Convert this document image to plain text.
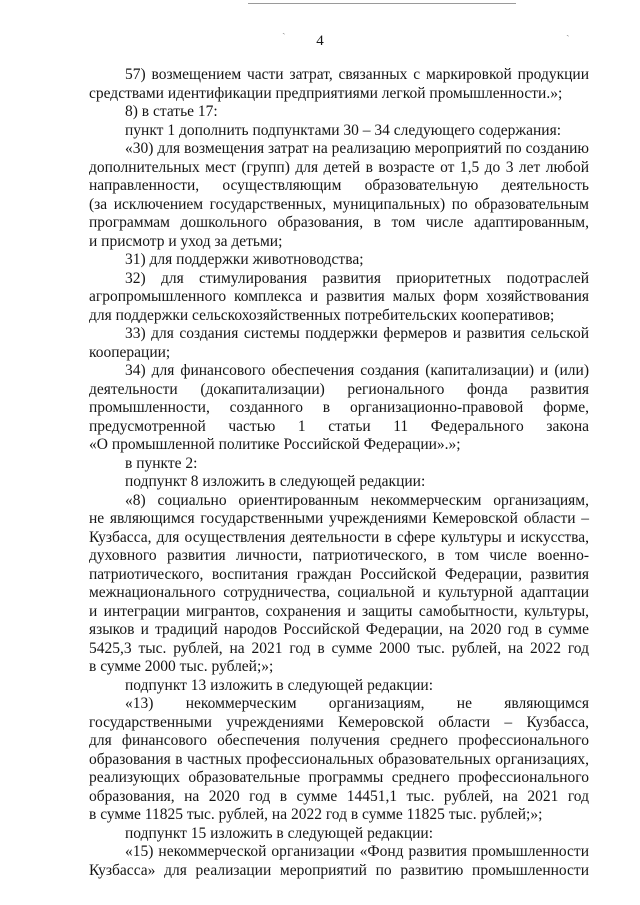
ˏ	ˏ
4

57) возмещением части затрат, связанных с маркировкой продукции
средствами идентификации предприятиями легкой промышленности.»;

8) в статье 17:

пункт 1 дополнить подпунктами 30 – 34 следующего содержания:

«30) для возмещения затрат на реализацию мероприятий по созданию
дополнительных мест (групп) для детей в возрасте от 1,5 до 3 лет любой
направленности, осуществляющим образовательную деятельность
(за исключением государственных, муниципальных) по образовательным
программам дошкольного образования, в том числе адаптированным,
и присмотр и уход за детьми;

31) для поддержки животноводства;

32) для стимулирования развития приоритетных подотраслей
агропромышленного комплекса и развития малых форм хозяйствования
для поддержки сельскохозяйственных потребительских кооперативов;

33) для создания системы поддержки фермеров и развития сельской
кооперации;

34) для финансового обеспечения создания (капитализации) и (или)
деятельности (докапитализации) регионального фонда развития
промышленности, созданного в организационно-правовой форме,
предусмотренной частью 1 статьи 11 Федерального закона
«О промышленной политике Российской Федерации».»;

в пункте 2:

подпункт 8 изложить в следующей редакции:

«8) социально ориентированным некоммерческим организациям,
не являющимся государственными учреждениями Кемеровской области –
Кузбасса, для осуществления деятельности в сфере культуры и искусства,
духовного развития личности, патриотического, в том числе военно-
патриотического, воспитания граждан Российской Федерации, развития
межнационального сотрудничества, социальной и культурной адаптации
и интеграции мигрантов, сохранения и защиты самобытности, культуры,
языков и традиций народов Российской Федерации, на 2020 год в сумме
5425,3 тыс. рублей, на 2021 год в сумме 2000 тыс. рублей, на 2022 год
в сумме 2000 тыс. рублей;»;

подпункт 13 изложить в следующей редакции:

«13) некоммерческим организациям, не являющимся
государственными учреждениями Кемеровской области – Кузбасса,
для финансового обеспечения получения среднего профессионального
образования в частных профессиональных образовательных организациях,
реализующих образовательные программы среднего профессионального
образования, на 2020 год в сумме 14451,1 тыс. рублей, на 2021 год
в сумме 11825 тыс. рублей, на 2022 год в сумме 11825 тыс. рублей;»;

подпункт 15 изложить в следующей редакции:

«15) некоммерческой организации «Фонд развития промышленности
Кузбасса» для реализации мероприятий по развитию промышленности
